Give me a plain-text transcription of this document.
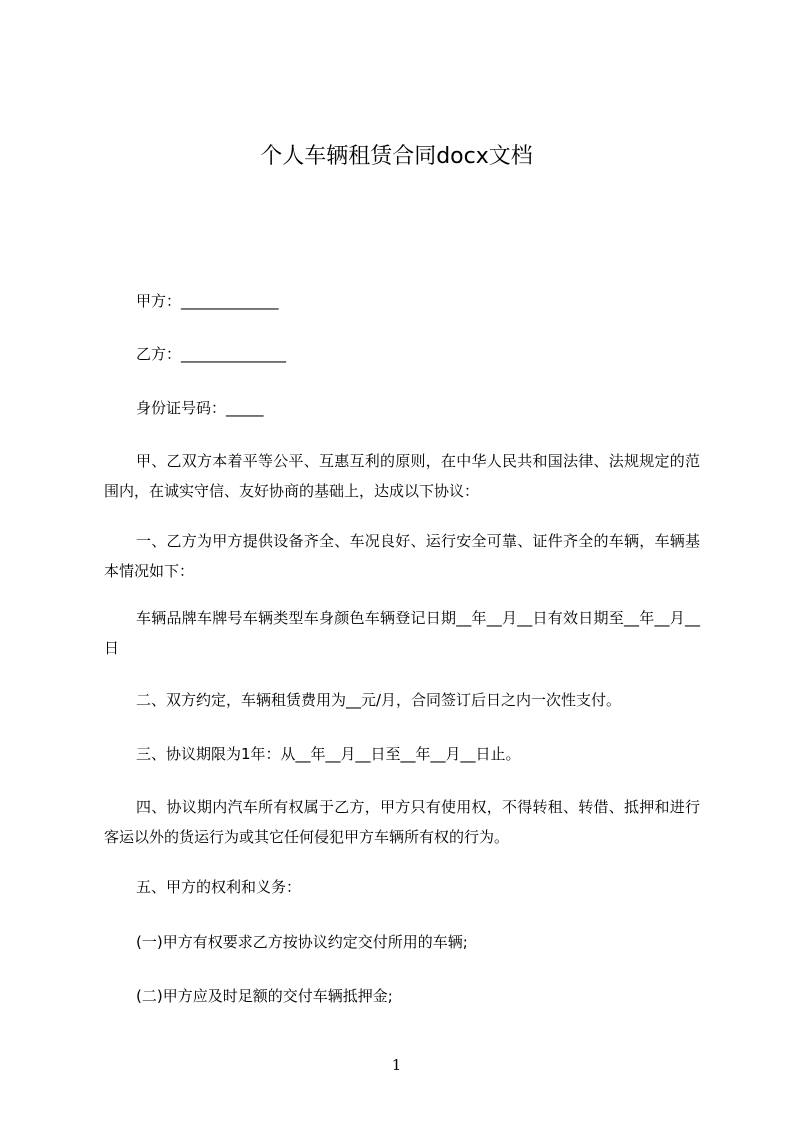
个人车辆租赁合同docx文档
甲方：_____________
乙方：______________
身份证号码：_____
甲、乙双方本着平等公平、互惠互利的原则，在中华人民共和国法律、法规规定的范围内，在诚实守信、友好协商的基础上，达成以下协议：
一、乙方为甲方提供设备齐全、车况良好、运行安全可靠、证件齐全的车辆，车辆基本情况如下：
车辆品牌车牌号车辆类型车身颜色车辆登记日期__年__月__日有效日期至__年__月__日
二、双方约定，车辆租赁费用为__元/月，合同签订后日之内一次性支付。
三、协议期限为1年：从__年__月__日至__年__月__日止。
四、协议期内汽车所有权属于乙方，甲方只有使用权，不得转租、转借、抵押和进行客运以外的货运行为或其它任何侵犯甲方车辆所有权的行为。
五、甲方的权利和义务：
(一)甲方有权要求乙方按协议约定交付所用的车辆;
(二)甲方应及时足额的交付车辆抵押金;
1
